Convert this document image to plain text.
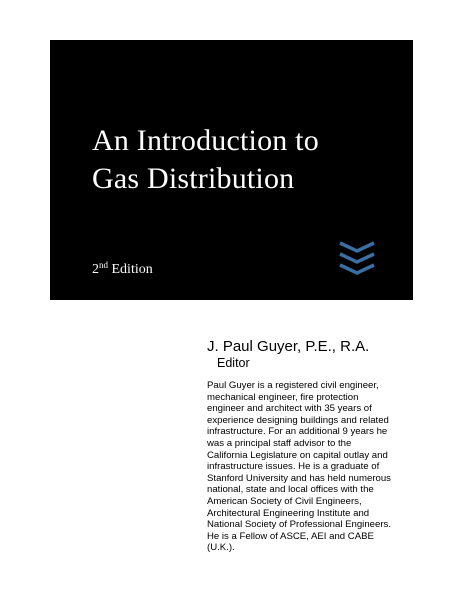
An Introduction to
Gas Distribution
2nd Edition
J. Paul Guyer, P.E., R.A.
Editor
Paul Guyer is a registered civil engineer,
mechanical engineer, fire protection
engineer and architect with 35 years of
experience designing buildings and related
infrastructure. For an additional 9 years he
was a principal staff advisor to the
California Legislature on capital outlay and
infrastructure issues. He is a graduate of
Stanford University and has held numerous
national, state and local offices with the
American Society of Civil Engineers,
Architectural Engineering Institute and
National Society of Professional Engineers.
He is a Fellow of ASCE, AEI and CABE
(U.K.).
